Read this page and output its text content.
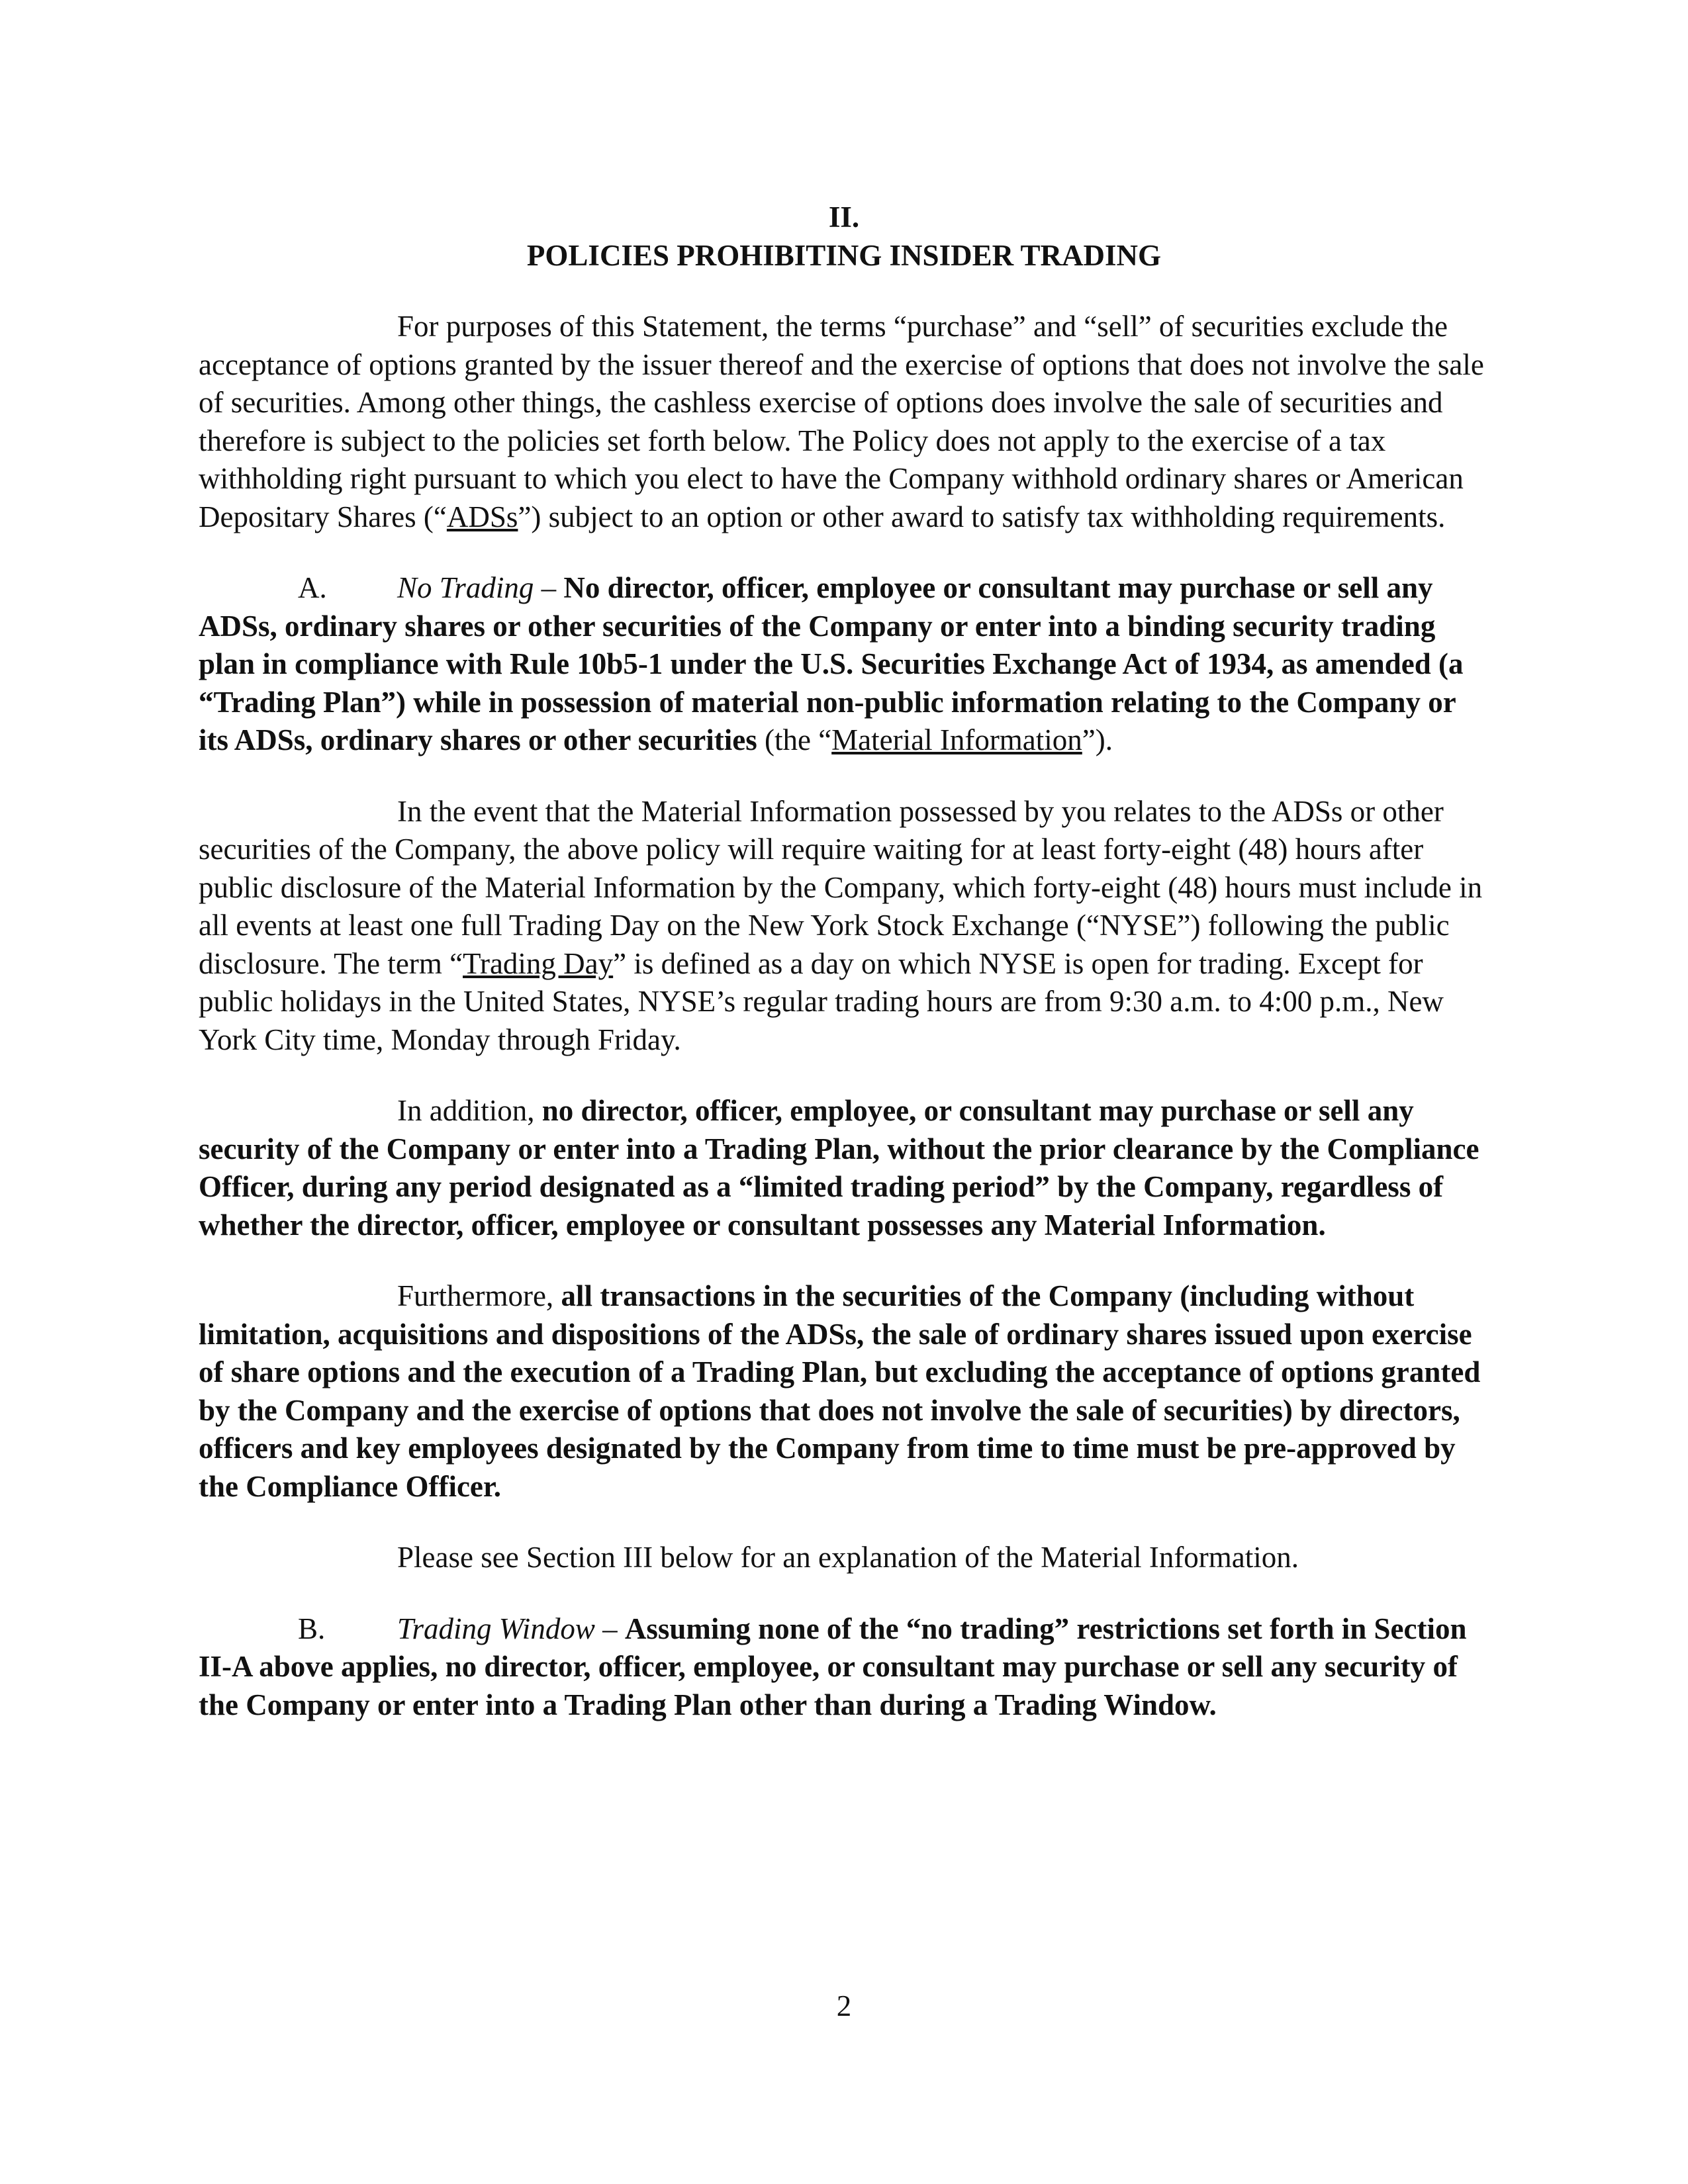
II.
POLICIES PROHIBITING INSIDER TRADING

For purposes of this Statement, the terms “purchase” and “sell” of securities exclude the acceptance of options granted by the issuer thereof and the exercise of options that does not involve the sale of securities. Among other things, the cashless exercise of options does involve the sale of securities and therefore is subject to the policies set forth below. The Policy does not apply to the exercise of a tax withholding right pursuant to which you elect to have the Company withhold ordinary shares or American Depositary Shares (“ADSs”) subject to an option or other award to satisfy tax withholding requirements.

A. No Trading – No director, officer, employee or consultant may purchase or sell any ADSs, ordinary shares or other securities of the Company or enter into a binding security trading plan in compliance with Rule 10b5-1 under the U.S. Securities Exchange Act of 1934, as amended (a “Trading Plan”) while in possession of material non-public information relating to the Company or its ADSs, ordinary shares or other securities (the “Material Information”).

In the event that the Material Information possessed by you relates to the ADSs or other securities of the Company, the above policy will require waiting for at least forty-eight (48) hours after public disclosure of the Material Information by the Company, which forty-eight (48) hours must include in all events at least one full Trading Day on the New York Stock Exchange (“NYSE”) following the public disclosure. The term “Trading Day” is defined as a day on which NYSE is open for trading. Except for public holidays in the United States, NYSE’s regular trading hours are from 9:30 a.m. to 4:00 p.m., New York City time, Monday through Friday.

In addition, no director, officer, employee, or consultant may purchase or sell any security of the Company or enter into a Trading Plan, without the prior clearance by the Compliance Officer, during any period designated as a “limited trading period” by the Company, regardless of whether the director, officer, employee or consultant possesses any Material Information.

Furthermore, all transactions in the securities of the Company (including without limitation, acquisitions and dispositions of the ADSs, the sale of ordinary shares issued upon exercise of share options and the execution of a Trading Plan, but excluding the acceptance of options granted by the Company and the exercise of options that does not involve the sale of securities) by directors, officers and key employees designated by the Company from time to time must be pre-approved by the Compliance Officer.

Please see Section III below for an explanation of the Material Information.

B. Trading Window – Assuming none of the “no trading” restrictions set forth in Section II-A above applies, no director, officer, employee, or consultant may purchase or sell any security of the Company or enter into a Trading Plan other than during a Trading Window.

2
